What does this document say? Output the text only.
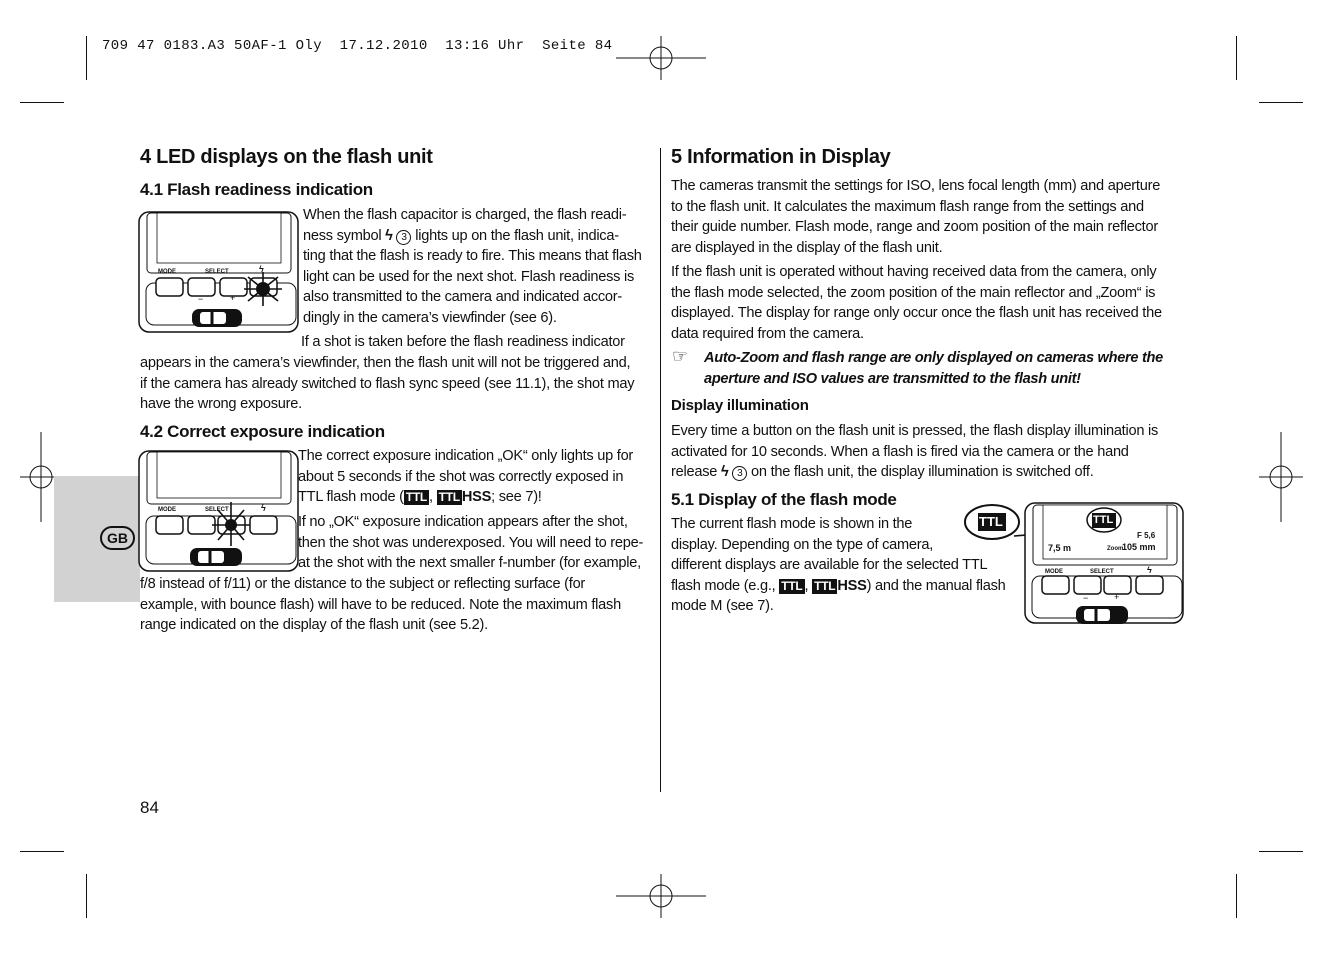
709 47 0183.A3 50AF-1 Oly  17.12.2010  13:16 Uhr  Seite 84
GB
4 LED displays on the flash unit
4.1 Flash readiness indication
MODE	SELECT	ϟ
−	+

When the flash capacitor is charged, the flash readi-

ness symbol ϟ 3 lights up on the flash unit, indica-

ting that the flash is ready to fire. This means that flash

light can be used for the next shot. Flash readiness is

also transmitted to the camera and indicated accor-

dingly in the camera’s viewfinder (see 6).

If a shot is taken before the flash readiness indicator

appears in the camera’s viewfinder, then the flash unit will not be triggered and,

if the camera has already switched to flash sync speed (see 11.1), the shot may

have the wrong exposure.

4.2 Correct exposure indication
MODE	SELECT	ϟ

The correct exposure indication „OK“ only lights up for

about 5 seconds if the shot was correctly exposed in

TTL flash mode ( TTL , TTL HSS; see 7)!

If no „OK“ exposure indication appears after the shot,

then the shot was underexposed. You will need to repe-

at the shot with the next smaller f-number (for example,

f/8 instead of f/11) or the distance to the subject or reflecting surface (for

example, with bounce flash) will have to be reduced. Note the maximum flash

range indicated on the display of the flash unit (see 5.2).

84
5 Information in Display

The cameras transmit the settings for ISO, lens focal length (mm) and aperture

to the flash unit. It calculates the maximum flash range from the settings and

their guide number. Flash mode, range and zoom position of the main reflector

are displayed in the display of the flash unit.

If the flash unit is operated without having received data from the camera, only

the flash mode selected, the zoom position of the main reflector and „Zoom“ is

displayed. The display for range only occur once the flash unit has received the

data required from the camera.

☞ Auto-Zoom and flash range are only displayed on cameras where the
aperture and ISO values are transmitted to the flash unit!
Display illumination

Every time a button on the flash unit is pressed, the flash display illumination is

activated for 10 seconds. When a flash is fired via the camera or the hand

release ϟ 3 on the flash unit, the display illumination is switched off.

5.1 Display of the flash mode

The current flash mode is shown in the

display. Depending on the type of camera,

different displays are available for the selected TTL

flash mode (e.g., TTL , TTL HSS) and the manual flash

mode M (see 7).

TTL	TTL
F 5,6
7,5 m	Zoom
105 mm
MODE	SELECT	ϟ
−	+
